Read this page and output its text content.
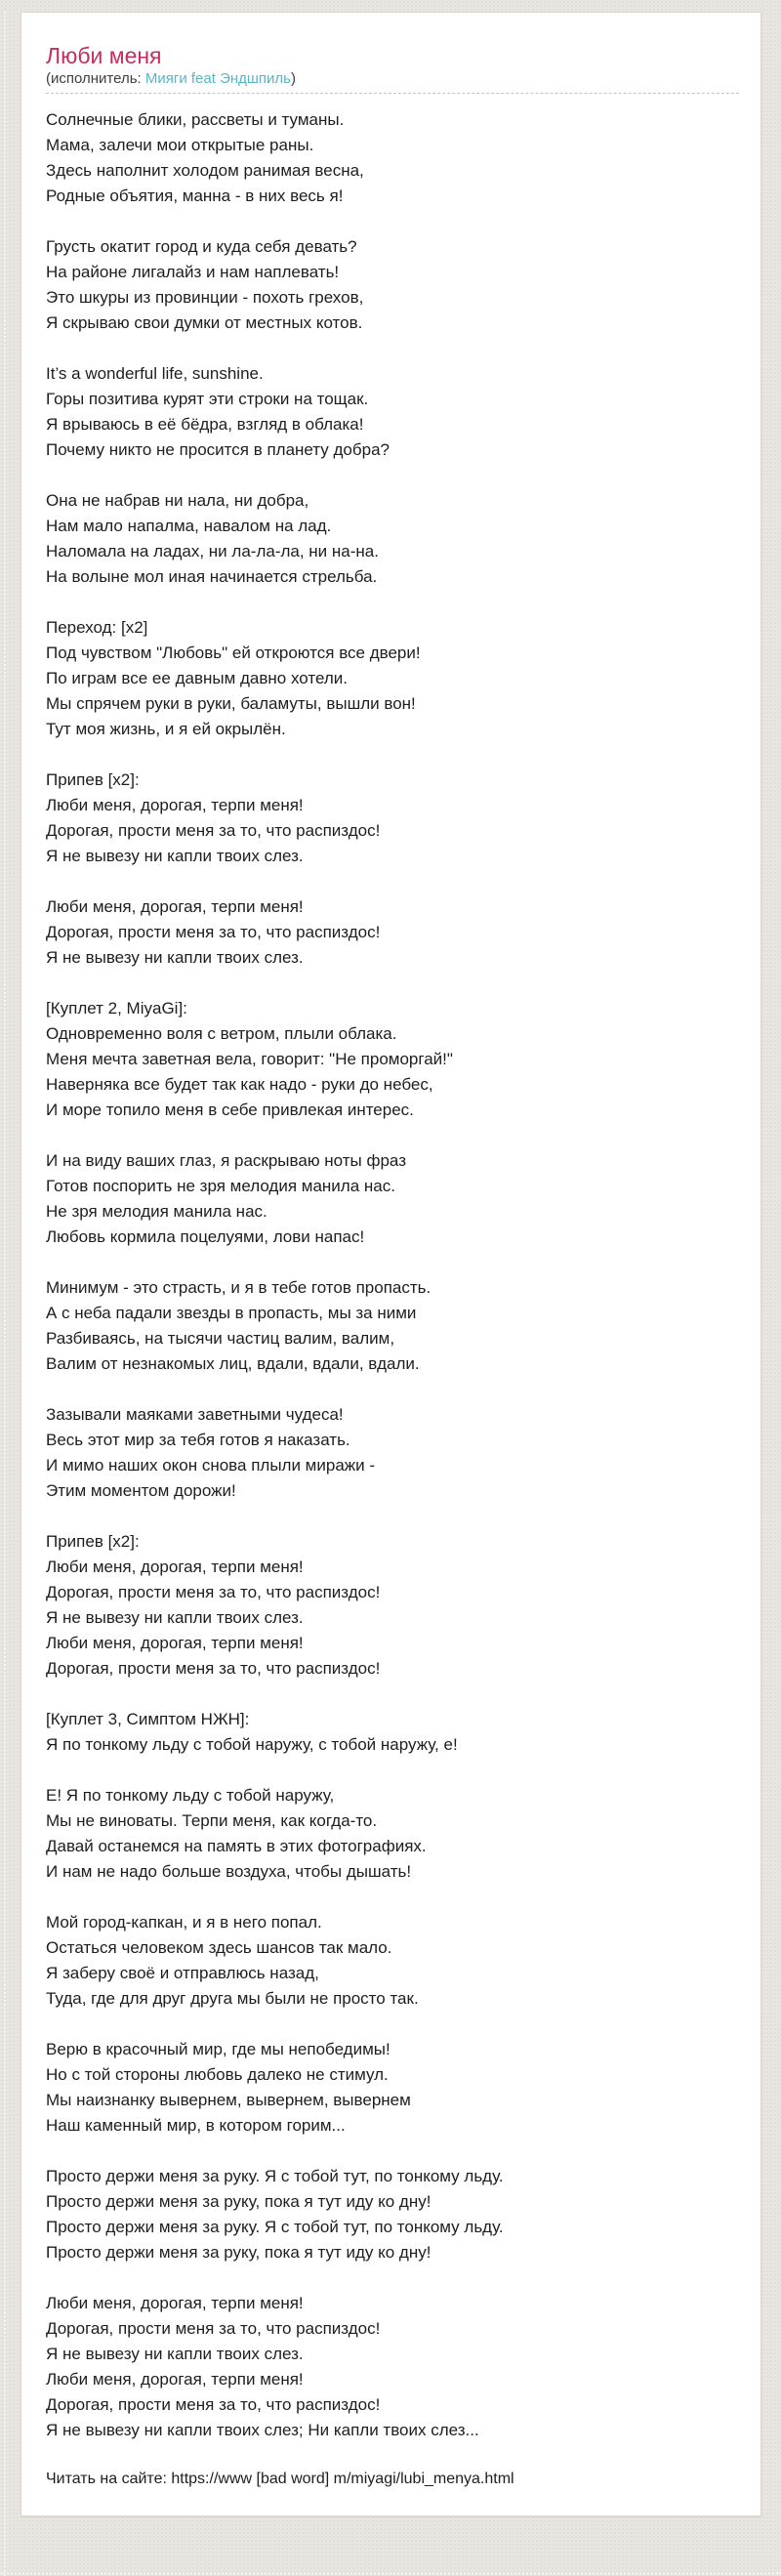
Люби меня

(исполнитель: Мияги feat Эндшпиль)

Солнечные блики, рассветы и туманы.
Мама, залечи мои открытые раны.
Здесь наполнит холодом ранимая весна,
Родные объятия, манна - в них весь я!

Грусть окатит город и куда себя девать?
На районе лигалайз и нам наплевать!
Это шкуры из провинции - похоть грехов,
Я скрываю свои думки от местных котов.

It’s a wonderful life, sunshine.
Горы позитива курят эти строки на тощак.
Я врываюсь в её бёдра, взгляд в облака!
Почему никто не просится в планету добра?

Она не набрав ни нала, ни добра,
Нам мало напалма, навалом на лад.
Наломала на ладах, ни ла-ла-ла, ни на-на.
На волыне мол иная начинается стрельба.

Переход: [x2]
Под чувством "Любовь" ей откроются все двери!
По играм все ее давным давно хотели.
Мы спрячем руки в руки, баламуты, вышли вон!
Тут моя жизнь, и я ей окрылён.

Припев [x2]:
Люби меня, дорогая, терпи меня!
Дорогая, прости меня за то, что распиздос!
Я не вывезу ни капли твоих слез.

Люби меня, дорогая, терпи меня!
Дорогая, прости меня за то, что распиздос!
Я не вывезу ни капли твоих слез.

[Куплет 2, MiyaGi]:
Одновременно воля с ветром, плыли облака.
Меня мечта заветная вела, говорит: "Не проморгай!"
Наверняка все будет так как надо - руки до небес,
И море топило меня в себе привлекая интерес.

И на виду ваших глаз, я раскрываю ноты фраз
Готов поспорить не зря мелодия манила нас.
Не зря мелодия манила нас.
Любовь кормила поцелуями, лови напас!

Минимум - это страсть, и я в тебе готов пропасть.
А с неба падали звезды в пропасть, мы за ними
Разбиваясь, на тысячи частиц валим, валим,
Валим от незнакомых лиц, вдали, вдали, вдали.

Зазывали маяками заветными чудеса!
Весь этот мир за тебя готов я наказать.
И мимо наших окон снова плыли миражи -
Этим моментом дорожи!

Припев [x2]:
Люби меня, дорогая, терпи меня!
Дорогая, прости меня за то, что распиздос!
Я не вывезу ни капли твоих слез.
Люби меня, дорогая, терпи меня!
Дорогая, прости меня за то, что распиздос!

[Куплет 3, Симптом НЖН]:
Я по тонкому льду с тобой наружу, с тобой наружу, е!

Е! Я по тонкому льду с тобой наружу,
Мы не виноваты. Терпи меня, как когда-то.
Давай останемся на память в этих фотографиях.
И нам не надо больше воздуха, чтобы дышать!

Мой город-капкан, и я в него попал.
Остаться человеком здесь шансов так мало.
Я заберу своё и отправлюсь назад,
Туда, где для друг друга мы были не просто так.

Верю в красочный мир, где мы непобедимы!
Но с той стороны любовь далеко не стимул.
Мы наизнанку вывернем, вывернем, вывернем
Наш каменный мир, в котором горим...

Просто держи меня за руку. Я с тобой тут, по тонкому льду.
Просто держи меня за руку, пока я тут иду ко дну!
Просто держи меня за руку. Я с тобой тут, по тонкому льду.
Просто держи меня за руку, пока я тут иду ко дну!

Люби меня, дорогая, терпи меня!
Дорогая, прости меня за то, что распиздос!
Я не вывезу ни капли твоих слез.
Люби меня, дорогая, терпи меня!
Дорогая, прости меня за то, что распиздос!
Я не вывезу ни капли твоих слез; Ни капли твоих слез...

Читать на сайте: https://www [bad word] m/miyagi/lubi_menya.html
